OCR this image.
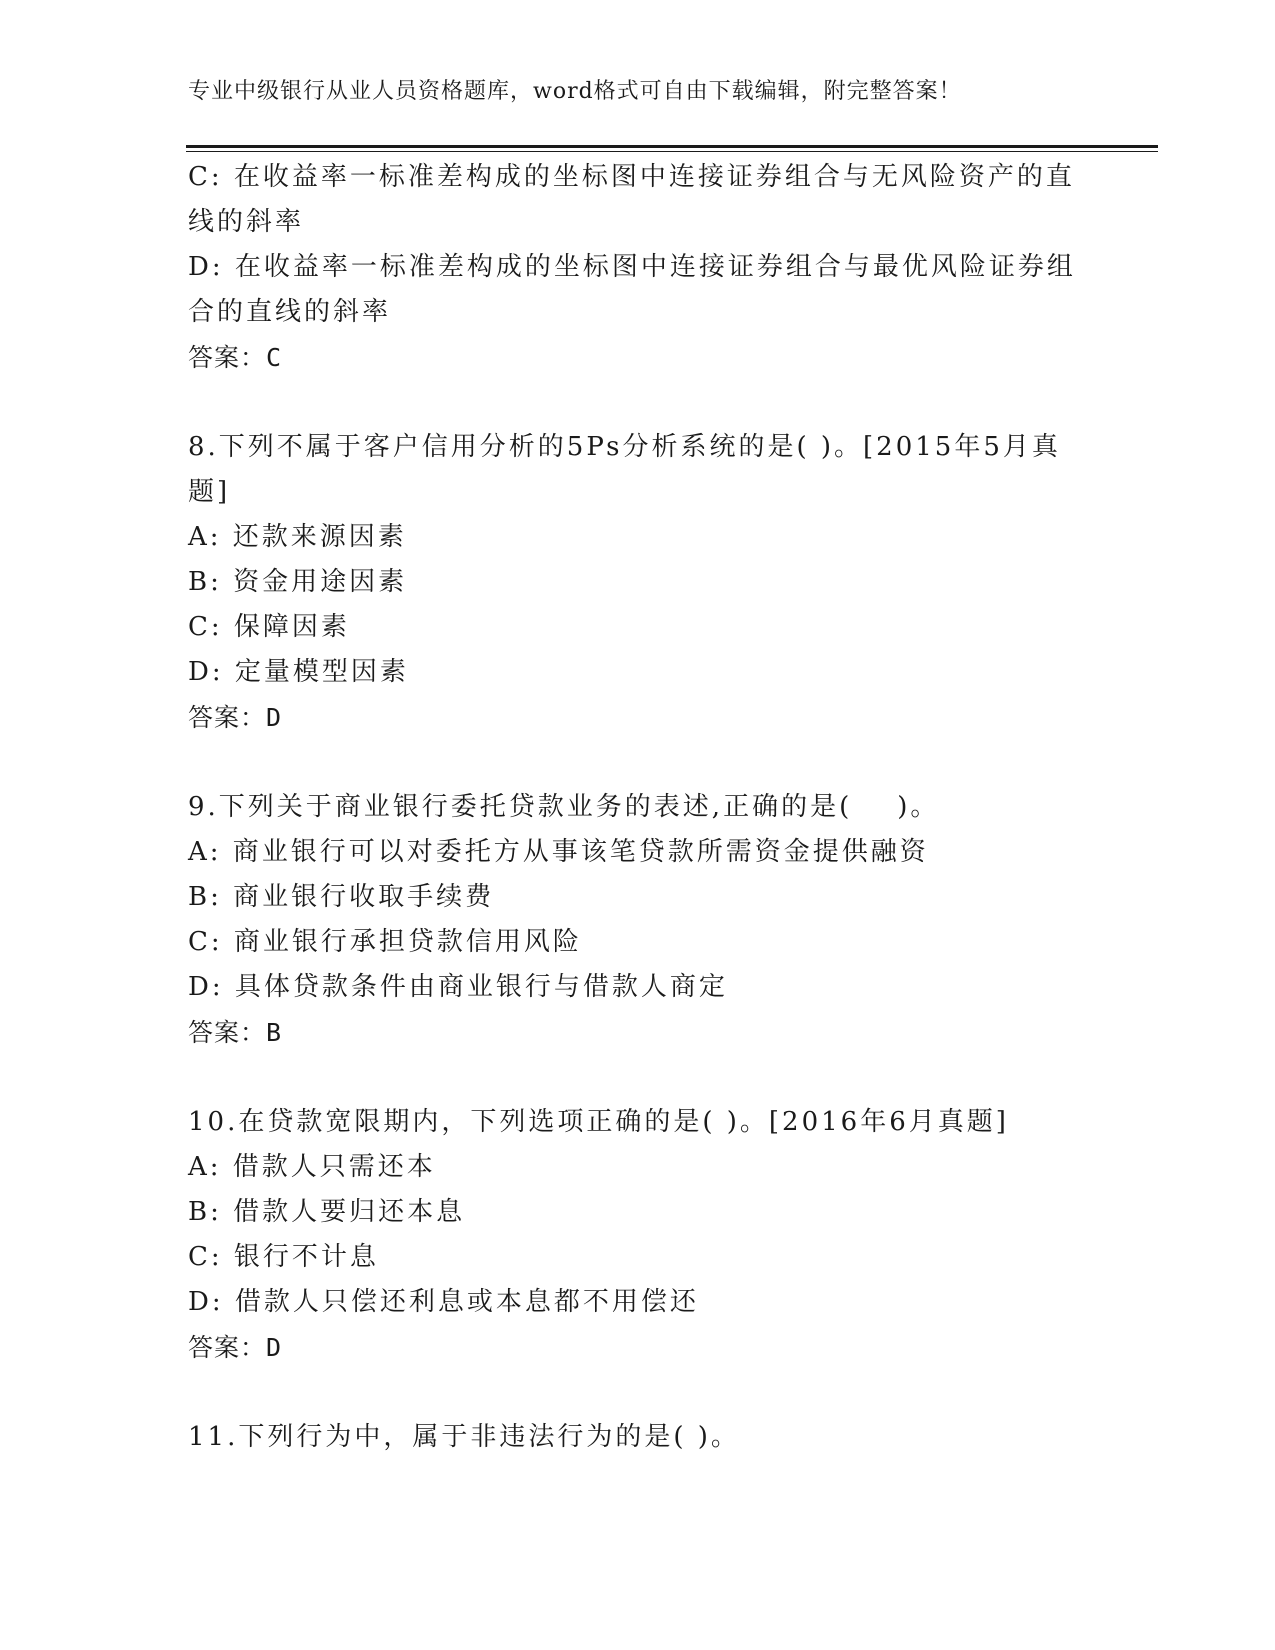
专业中级银行从业人员资格题库，word格式可自由下载编辑，附完整答案！
C: 在收益率一标准差构成的坐标图中连接证券组合与无风险资产的直
线的斜率
D: 在收益率一标准差构成的坐标图中连接证券组合与最优风险证券组
合的直线的斜率
答案：C
8.下列不属于客户信用分析的5Ps分析系统的是( )。[2015年5月真
题]
A: 还款来源因素
B: 资金用途因素
C: 保障因素
D: 定量模型因素
答案：D
9.下列关于商业银行委托贷款业务的表述,正确的是(    )。
A: 商业银行可以对委托方从事该笔贷款所需资金提供融资
B: 商业银行收取手续费
C: 商业银行承担贷款信用风险
D: 具体贷款条件由商业银行与借款人商定
答案：B
10.在贷款宽限期内，下列选项正确的是( )。[2016年6月真题]
A: 借款人只需还本
B: 借款人要归还本息
C: 银行不计息
D: 借款人只偿还利息或本息都不用偿还
答案：D
11.下列行为中，属于非违法行为的是( )。
